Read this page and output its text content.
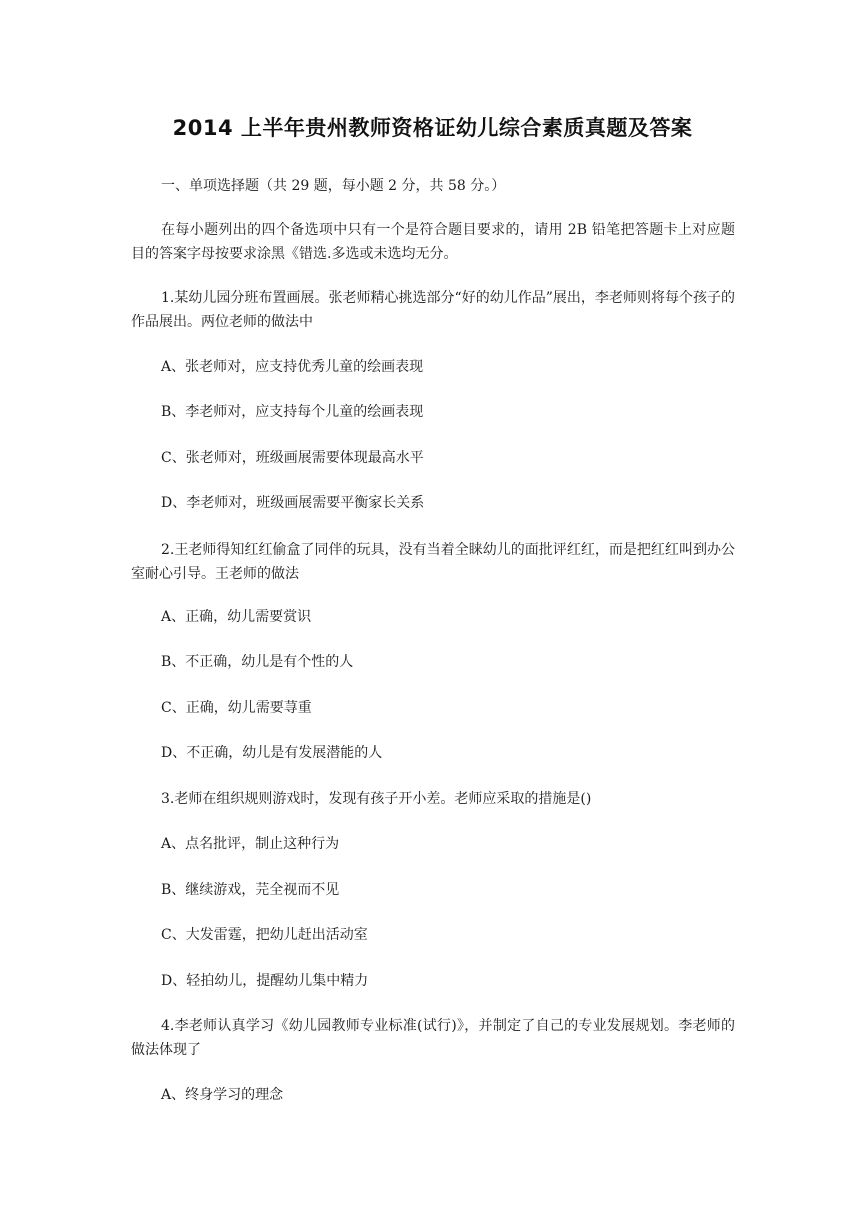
2014 上半年贵州教师资格证幼儿综合素质真题及答案
一、单项选择题（共 29 题，每小题 2 分，共 58 分。）
在每小题列出的四个备选项中只有一个是符合题目要求的，请用 2B 铅笔把答题卡上对应题目的答案字母按要求涂黑《错选.多选或未选均无分。
1.某幼儿园分班布置画展。张老师精心挑选部分“好的幼儿作品”展出，李老师则将每个孩子的作品展出。两位老师的做法中
A、张老师对，应支持优秀儿童的绘画表现
B、李老师对，应支持每个儿童的绘画表现
C、张老师对，班级画展需要体现最高水平
D、李老师对，班级画展需要平衡家长关系
2.王老师得知红红偷盒了同伴的玩具，没有当着全睐幼儿的面批评红红，而是把红红叫到办公室耐心引导。王老师的做法
A、正确，幼儿需要赏识
B、不正确，幼儿是有个性的人
C、正确，幼儿需要荨重
D、不正确，幼儿是有发展潜能的人
3.老师在组织规则游戏时，发现有孩子开小差。老师应采取的措施是()
A、点名批评，制止这种行为
B、继续游戏，芫全视而不见
C、大发雷霆，把幼儿赶出活动室
D、轻拍幼儿，提醒幼儿集中精力
4.李老师认真学习《幼儿园教师专业标准(试行)》，并制定了自己的专业发展规划。李老师的做法体现了
A、终身学习的理念
